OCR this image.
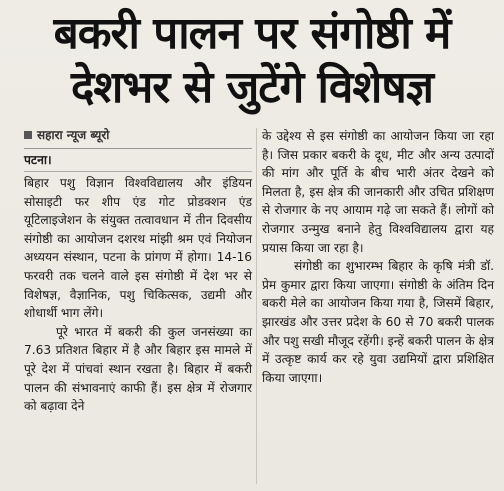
बकरी पालन पर संगोष्ठी में
देशभर से जुटेंगे विशेषज्ञ
सहारा न्यूज ब्यूरो
पटना।

बिहार पशु विज्ञान विश्वविद्यालय और इंडियन सोसाइटी फर शीप एंड गोट प्रोडक्शन एंड यूटिलाइजेशन के संयुक्त तत्वावधान में तीन दिवसीय संगोष्ठी का आयोजन दशरथ मांझी श्रम एवं नियोजन अध्ययन संस्थान, पटना के प्रांगण में होगा। 14-16 फरवरी तक चलने वाले इस संगोष्ठी में देश भर से विशेषज्ञ, वैज्ञानिक, पशु चिकित्सक, उद्यमी और शोधार्थी भाग लेंगे।

पूरे भारत में बकरी की कुल जनसंख्या का 7.63 प्रतिशत बिहार में है और बिहार इस मामले में पूरे देश में पांचवां स्थान रखता है। बिहार में बकरी पालन की संभावनाएं काफी हैं। इस क्षेत्र में रोजगार को बढ़ावा देने

के उद्देश्य से इस संगोष्ठी का आयोजन किया जा रहा है। जिस प्रकार बकरी के दूध, मीट और अन्य उत्पादों की मांग और पूर्ति के बीच भारी अंतर देखने को मिलता है, इस क्षेत्र की जानकारी और उचित प्रशिक्षण से रोजगार के नए आयाम गढ़े जा सकते हैं। लोगों को रोजगार उन्मुख बनाने हेतु विश्वविद्यालय द्वारा यह प्रयास किया जा रहा है।

संगोष्ठी का शुभारम्भ बिहार के कृषि मंत्री डॉ. प्रेम कुमार द्वारा किया जाएगा। संगोष्ठी के अंतिम दिन बकरी मेले का आयोजन किया गया है, जिसमें बिहार, झारखंड और उत्तर प्रदेश के 60 से 70 बकरी पालक और पशु सखी मौजूद रहेंगी। इन्हें बकरी पालन के क्षेत्र में उत्कृष्ट कार्य कर रहे युवा उद्यमियों द्वारा प्रशिक्षित किया जाएगा।
